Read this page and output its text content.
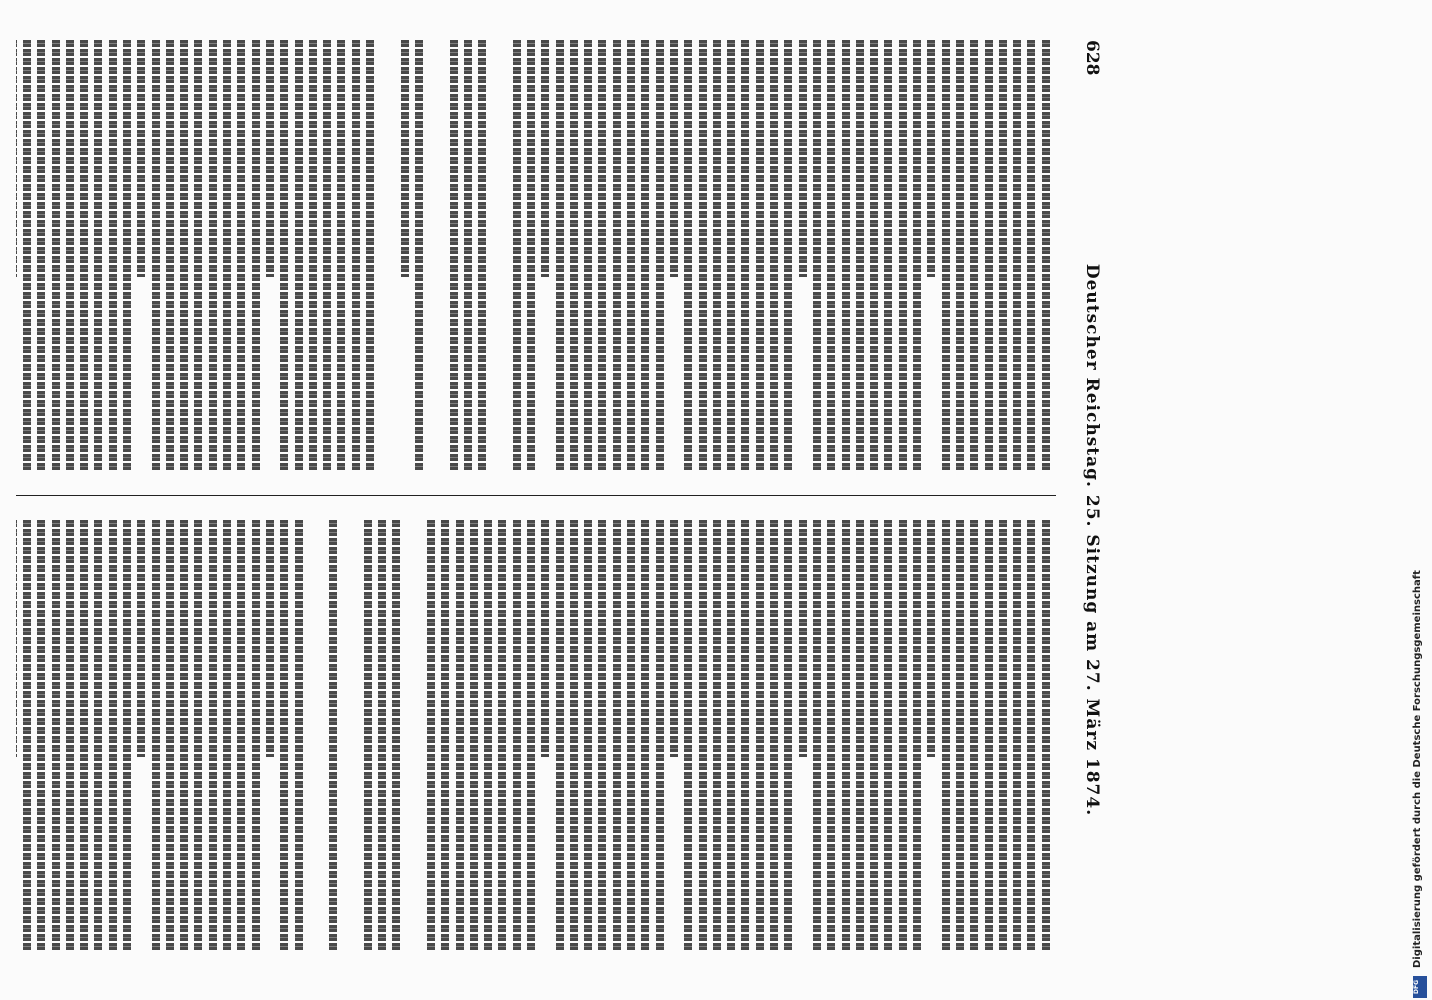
628
Deutscher Reichstag. 25. Sitzung am 27. März 1874.	Digitalisierung gefördert durch die Deutsche Forschungsgemeinschaft
DFG
